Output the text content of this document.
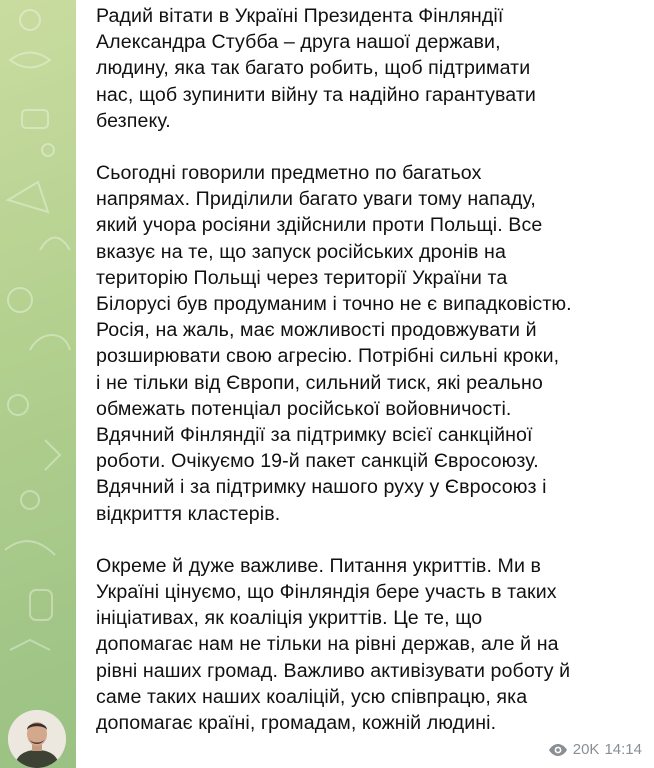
Радий вітати в Україні Президента Фінляндії
Александра Стубба – друга нашої держави,
людину, яка так багато робить, щоб підтримати
нас, щоб зупинити війну та надійно гарантувати
безпеку.

Сьогодні говорили предметно по багатьох
напрямах. Приділили багато уваги тому нападу,
який учора росіяни здійснили проти Польщі. Все
вказує на те, що запуск російських дронів на
територію Польщі через території України та
Білорусі був продуманим і точно не є випадковістю.
Росія, на жаль, має можливості продовжувати й
розширювати свою агресію. Потрібні сильні кроки,
і не тільки від Європи, сильний тиск, які реально
обмежать потенціал російської войовничості.
Вдячний Фінляндії за підтримку всієї санкційної
роботи. Очікуємо 19-й пакет санкцій Євросоюзу.
Вдячний і за підтримку нашого руху у Євросоюз і
відкриття кластерів.

Окреме й дуже важливе. Питання укриттів. Ми в
Україні цінуємо, що Фінляндія бере участь в таких
ініціативах, як коаліція укриттів. Це те, що
допомагає нам не тільки на рівні держав, але й на
рівні наших громад. Важливо активізувати роботу й
саме таких наших коаліцій, усю співпрацю, яка
допомагає країні, громадам, кожній людині.

20K 14:14
